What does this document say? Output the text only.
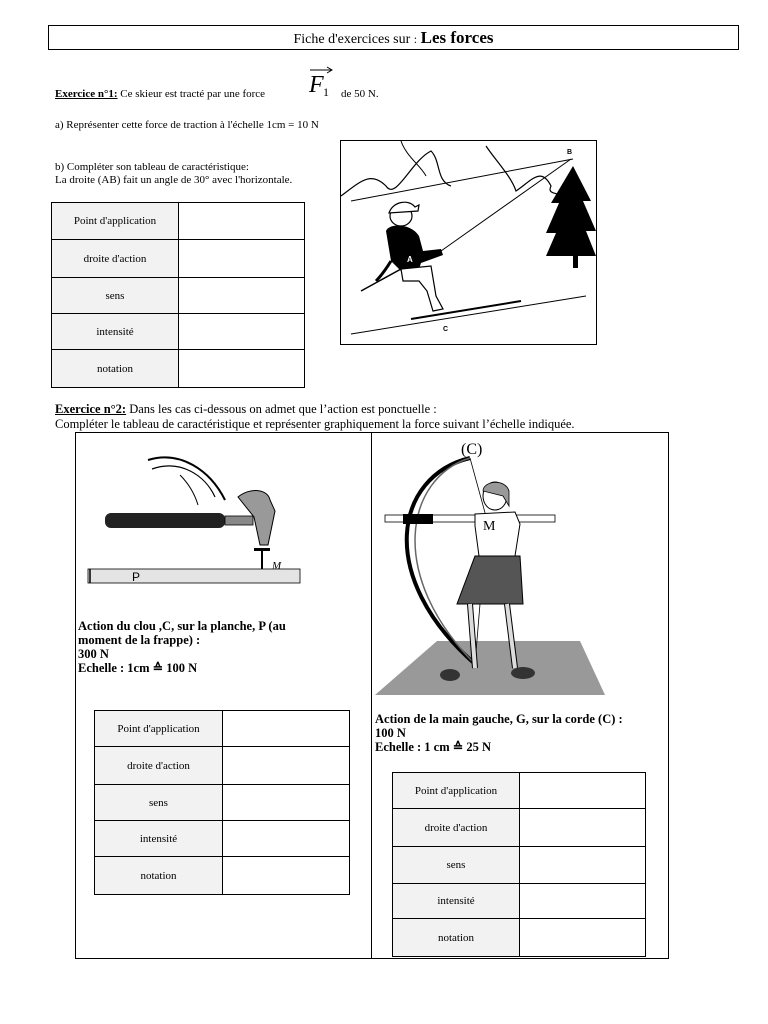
Fiche d'exercices sur : Les forces
Exercice n°1: Ce skieur est tracté par une force F 1 de 50 N.
a) Représenter cette force de traction à l'échelle 1cm = 10 N
b) Compléter son tableau de caractéristique:
La droite (AB) fait un angle de 30° avec l'horizontale.
Point d'application	
droite d'action	
sens	
intensité	
notation	
A
B
C
Exercice n°2: Dans les cas ci-dessous on admet que l’action est ponctuelle :
Compléter le tableau de caractéristique et représenter graphiquement la force suivant l’échelle indiquée.
P
M
Action du clou ,C, sur la planche, P (au
moment de la frappe) :
300 N
Echelle : 1cm ≙ 100 N
Point d'application	
droite d'action	
sens	
intensité	
notation	
(C)
M
Action de la main gauche, G, sur la corde (C) :
100 N
Echelle : 1 cm ≙ 25 N
Point d'application	
droite d'action	
sens	
intensité	
notation	
